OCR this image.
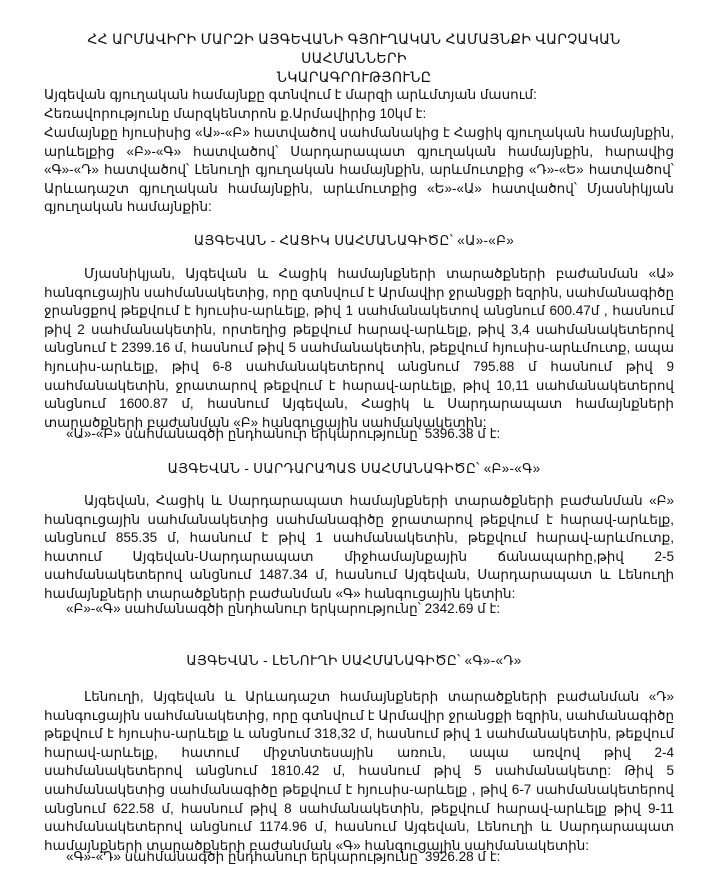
ՀՀ ԱՐՄԱՎԻՐԻ ՄԱՐԶԻ ԱՅԳԵՎԱՆԻ ԳՅՈՒՂԱԿԱՆ ՀԱՄԱՅՆՔԻ ՎԱՐՉԱԿԱՆ ՍԱՀՄԱՆՆԵՐԻ
ՆԿԱՐԱԳՐՈՒԹՅՈՒՆԸ
Այգեվան գյուղական համայնքը գտնվում է մարզի արևմտյան մասում:
Հեռավորությունը մարզկենտրոն ք.Արմավիրից 10կմ է:
Համայնքը հյուսիսից «Ա»-«Բ» հատվածով սահմանակից է Հացիկ գյուղական համայնքին, արևելքից «Բ»-«Գ» հատվածով՝ Սարդարապատ գյուղական համայնքին, հարավից «Գ»-«Դ» հատվածով՝ Լենուղի գյուղական համայնքին, արևմուտքից «Դ»-«Ե» հատվածով՝ Արևադաշտ գյուղական համայնքին, արևմուտքից «Ե»-«Ա» հատվածով՝ Մյասնիկյան գյուղական համայնքին:
ԱՅԳԵՎԱՆ - ՀԱՑԻԿ ՍԱՀՄԱՆԱԳԻԾԸ՝ «Ա»-«Բ»
Մյասնիկյան, Այգեվան և Հացիկ համայնքների տարածքների բաժանման «Ա» հանգուցային սահմանակետից, որը գտնվում է Արմավիր ջրանցքի եզրին, սահմանագիծը ջրանցքով թեքվում է հյուսիս-արևելք, թիվ 1 սահմանակետով անցնում 600.47մ , հասնում թիվ 2 սահմանակետին, որտեղից թեքվում հարավ-արևելք, թիվ 3,4 սահմանակետերով անցնում է 2399.16 մ, հասնում թիվ 5 սահմանակետին, թեքվում հյուսիս-արևմուտք, ապա հյուսիս-արևելք, թիվ 6-8 սահմանակետերով անցնում 795.88 մ հասնում թիվ 9 սահմանակետին, ջրատարով թեքվում է հարավ-արևելք, թիվ 10,11 սահմանակետերով անցնում 1600.87 մ, հասնում Այգեվան, Հացիկ և Սարդարապատ համայնքների տարածքների բաժանման «Բ» հանգուցային սահմանակետին:
«Ա»-«Բ» սահմանագծի ընդհանուր երկարությունը՝ 5396.38 մ է:
ԱՅԳԵՎԱՆ - ՍԱՐԴԱՐԱՊԱՏ ՍԱՀՄԱՆԱԳԻԾԸ՝ «Բ»-«Գ»
Այգեվան, Հացիկ և Սարդարապատ համայնքների տարածքների բաժանման «Բ» հանգուցային սահմանակետից սահմանագիծը ջրատարով թեքվում է հարավ-արևելք, անցնում 855.35 մ, հասնում է թիվ 1 սահմանակետին, թեքվում հարավ-արևմուտք, հատում Այգեվան-Սարդարապատ միջհամայնքային ճանապարհը,թիվ 2-5 սահմանակետերով անցնում 1487.34 մ, հասնում Այգեվան, Սարդարապատ և Լենուղի համայնքների տարածքների բաժանման «Գ» հանգուցային կետին:
«Բ»-«Գ» սահմանագծի ընդհանուր երկարությունը՝ 2342.69 մ է:
ԱՅԳԵՎԱՆ - ԼԵՆՈՒՂԻ ՍԱՀՄԱՆԱԳԻԾԸ՝ «Գ»-«Դ»
Լենուղի, Այգեվան և Արևադաշտ համայնքների տարածքների բաժանման «Դ» հանգուցային սահմանակետից, որը գտնվում է Արմավիր ջրանցքի եզրին, սահմանագիծը թեքվում է հյուսիս-արևելք և անցնում 318,32 մ, հասնում թիվ 1 սահմանակետին, թեքվում հարավ-արևելք, հատում միջտնտեսային առուն, ապա առվով թիվ 2-4 սահմանակետերով անցնում 1810.42 մ, հասնում թիվ 5 սահմանակետը: Թիվ 5 սահմանակետից սահմանագիծը թեքվում է հյուսիս-արևելք , թիվ 6-7 սահմանակետերով անցնում 622.58 մ, հասնում թիվ 8 սահմանակետին, թեքվում հարավ-արևելք թիվ 9-11 սահմանակետերով անցնում 1174.96 մ, հասնում Այգեվան, Լենուղի և Սարդարապատ համայնքների տարածքների բաժանման «Գ» հանգուցային սահմանակետին:
«Գ»-«Դ» սահմանագծի ընդհանուր երկարությունը՝ 3926.28 մ է:
